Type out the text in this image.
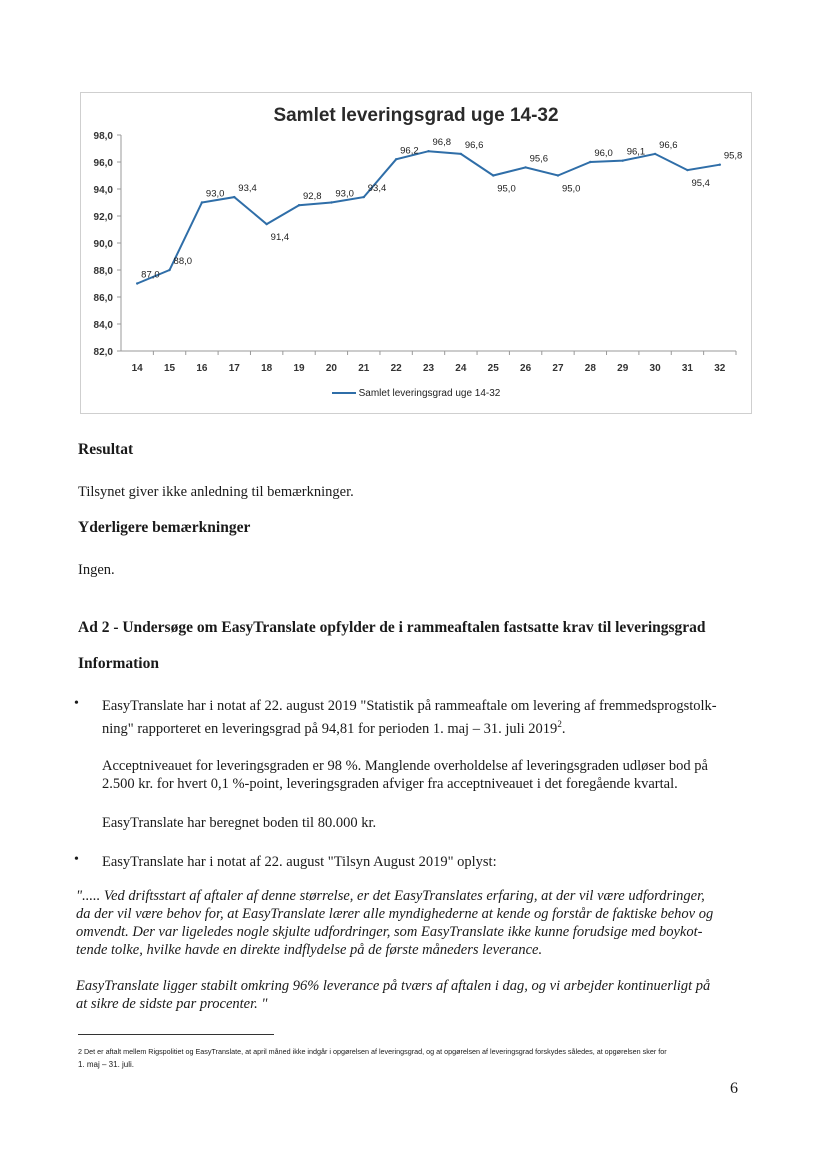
Samlet leveringsgrad uge 14-32
82,0
84,0
86,0
88,0
90,0
92,0
94,0
96,0
98,0
14 15 16 17 18 19 20 21 22 23 24 25 26 27 28 29 30 31 32
87,0
88,0
93,0 93,4
91,4
92,8 93,0 93,4
96,2
96,8 96,6
95,0
95,6
95,0
96,0 96,1
96,6
95,4
95,8
Samlet leveringsgrad uge 14-32
Resultat
Tilsynet giver ikke anledning til bemærkninger.
Yderligere bemærkninger
Ingen.
Ad 2 - Undersøge om EasyTranslate opfylder de i rammeaftalen fastsatte krav til leveringsgrad
Information
• EasyTranslate har i notat af 22. august 2019 "Statistik på rammeaftale om levering af fremmedsprogstolk-
ning" rapporteret en leveringsgrad på 94,81 for perioden 1. maj – 31. juli 2019$^2$.
Acceptniveauet for leveringsgraden er 98 %. Manglende overholdelse af leveringsgraden udløser bod på
2.500 kr. for hvert 0,1 %-point, leveringsgraden afviger fra acceptniveauet i det foregående kvartal.
EasyTranslate har beregnet boden til 80.000 kr.
• EasyTranslate har i notat af 22. august "Tilsyn August 2019" oplyst:
"..... Ved driftsstart af aftaler af denne størrelse, er det EasyTranslates erfaring, at der vil være udfordringer,
da der vil være behov for, at EasyTranslate lærer alle myndighederne at kende og forstår de faktiske behov og
omvendt. Der var ligeledes nogle skjulte udfordringer, som EasyTranslate ikke kunne forudsige med boykot-
tende tolke, hvilke havde en direkte indflydelse på de første måneders leverance.
EasyTranslate ligger stabilt omkring 96% leverance på tværs af aftalen i dag, og vi arbejder kontinuerligt på
at sikre de sidste par procenter. "
2 Det er aftalt mellem Rigspolitiet og EasyTranslate, at april måned ikke indgår i opgørelsen af leveringsgrad, og at opgørelsen af leveringsgrad forskydes således, at opgørelsen sker for
1. maj – 31. juli.
6
